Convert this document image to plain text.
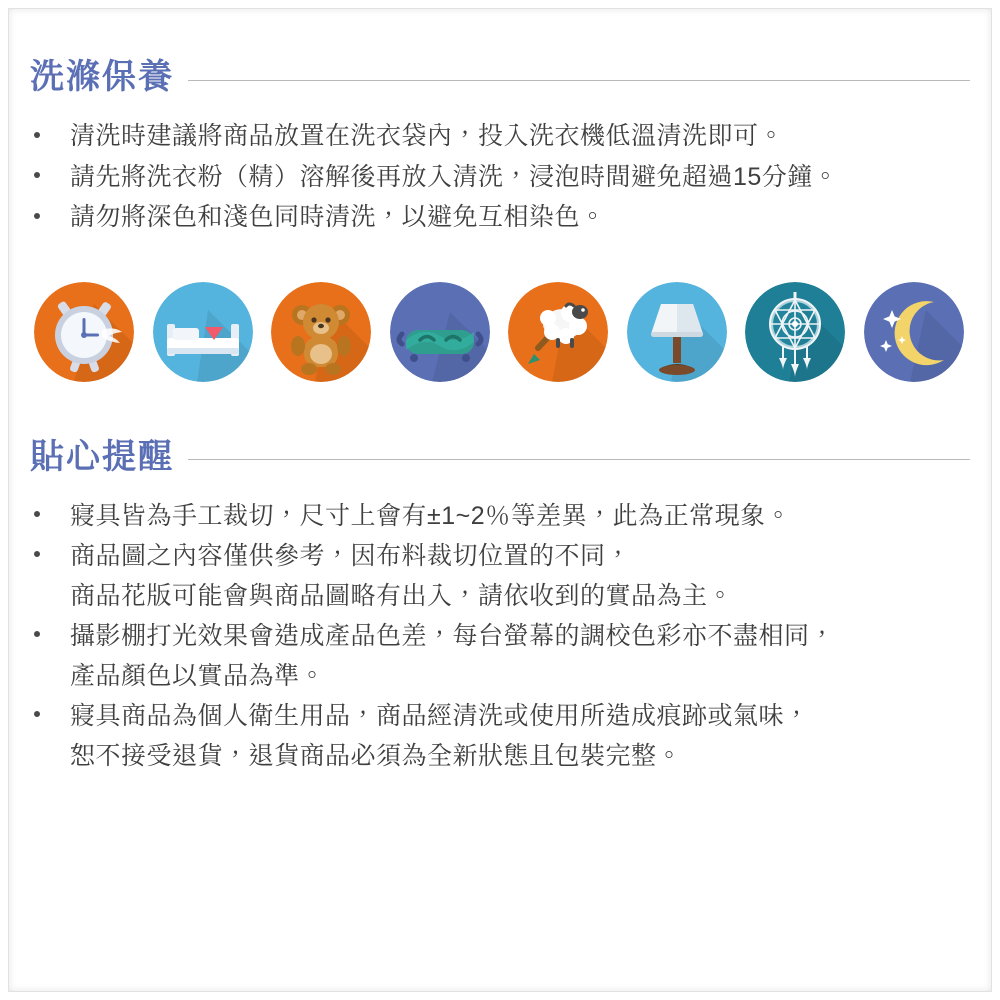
洗滌保養
清洗時建議將商品放置在洗衣袋內，投入洗衣機低溫清洗即可。
請先將洗衣粉（精）溶解後再放入清洗，浸泡時間避免超過15分鐘。
請勿將深色和淺色同時清洗，以避免互相染色。
貼心提醒
寢具皆為手工裁切，尺寸上會有±1~2％等差異，此為正常現象。
商品圖之內容僅供參考，因布料裁切位置的不同，
商品花版可能會與商品圖略有出入，請依收到的實品為主。
攝影棚打光效果會造成產品色差，每台螢幕的調校色彩亦不盡相同，
產品顏色以實品為準。
寢具商品為個人衛生用品，商品經清洗或使用所造成痕跡或氣味，
恕不接受退貨，退貨商品必須為全新狀態且包裝完整。
